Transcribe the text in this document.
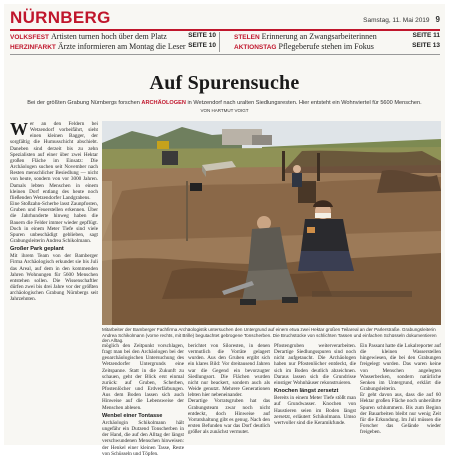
NÜRNBERG	Samstag, 11. Mai 2019 9
VOLKSFEST Artisten turnen hoch über dem Platz	SEITE 10	STELEN Erinnerung an Zwangsarbeiterinnen	SEITE 11
HERZINFARKT Ärzte informieren am Montag die Leser SEITE 10	AKTIONSTAG Pflegeberufe stehen im Fokus	SEITE 13
Auf Spurensuche
Bei der größten Grabung Nürnbergs forschen ARCHÄOLOGEN in Wetzendorf nach uralten Siedlungsresten. Hier entsteht ein Wohnviertel für 5600 Menschen. VON HARTMUT VOIGT
Wer an den Feldern bei Wetzendorf vorbeifährt, sieht einen kleinen Bagger, der sorgfältig die Humusschicht abschiebt. Daneben sind derzeit bis zu zehn Spezialisten auf einer über zwei Hektar großen Fläche im Einsatz: Die Archäologen suchen seit November nach Resten menschlicher Besiedlung — nicht von heute, sondern von vor 3000 Jahren. Damals lebten Menschen in einem kleinen Dorf entlang des heute noch fließenden Wetzendorfer Landgrabens.
Eine Stoßzahn-Scherbe lasst Zaunpfosten, Gruben und Feuerstellen erkennen. Über die Jahrhunderte hinweg haben die Bauern die Felder immer wieder gepflügt. Doch in einem Meter Tiefe sind viele Spuren unbeschädigt geblieben, sagt Grabungsleiterin Andrea Schikolmann.
Großer Park geplant
Mit ihrem Team von der Bamberger Firma Archäologisch erkundet sie bis Juli das Areal, auf dem in den kommenden Jahren Wohnungen für 5600 Menschen entstehen sollen. Die Wissenschaftler dürfen zwei bis drei Jahre vor der größten archäologischen Grabung Nürnbergs seit Jahrzehnten.
Mitarbeiter der Bamberger Fachfirma Archäologistik untersuchen den Untergrund auf einem etwa zwei Hektar großen Teilareal an der Parlerstraße. Grabungsleiterin Andrea Schikolmann (vorne rechts, mit Brille) begutachtet gebrogene Tonscherben. Die Bruchstücke von schlichten Tassen und einfachen Schüsseln dokumentieren den Alltag.
möglich den Zeitpunkt vorschlagen, fragt man bei den Archäologen bei der geoarchäologischen Untersuchung des Wetzendorfer Untergrunds eine Zeitspanne. Statt in die Zukunft zu schauen, geht der Blick erst einmal zurück: auf Gruben, Scherben, Pfostenlöcher und Erdverfärbungen. Aus dem Boden lassen sich auch Hinweise auf die Lebensweise der Menschen ablesen.
Wenbel einer Tontasse
Archäologin Schikolmann hält ungefähr ein Dutzend Tonscherben in der Hand, die auf den Alltag der längst verschwundenen Menschen hinweisen: der Henkel einer kleinen Tasse, Reste von Schüsseln und Töpfen.
berichtet von Siloresten, in denen vermutlich die Vorräte gelagert wurden. Aus den Gruben ergibt sich ein klares Bild: Vor dreitausend Jahren war die Gegend ein bevorzugter Siedlungsort. Die Flächen wurden nicht nur beackert, sondern auch als Weide genutzt. Mehrere Generationen lebten hier nebeneinander.
Derartige Vorratsgruben hat das Grabungsteam zwar noch nicht entdeckt, doch Hinweise auf Vorratshaltung gibt es genug. Nach den ersten Befunden war das Dorf deutlich größer als zunächst vermutet.
Pfostengruben weiterverarbeiten. Derartige Siedlungsspuren sind noch nicht aufgetaucht. Die Archäologen haben nur Pfostenlöcher entdeckt, die sich im Boden deutlich abzeichnen. Daraus lassen sich die Grundrisse einstiger Wohnhäuser rekonstruieren.
Knochen längst zersetzt
Bereits in einem Meter Tiefe stößt man auf Grundwasser. Knochen von Haustieren seien im Boden längst zersetzt, erläutert Schikolmann. Umso wertvoller sind die Keramikfunde.
Ein Passant hatte die Lokalreporter auf die kleinen Wasserstellen hingewiesen, die bei den Grabungen freigelegt wurden. Das waren keine von Menschen angelegten Wasserbecken, sondern natürliche Senken im Untergrund, erklärt die Grabungsleiterin.
Er geht davon aus, dass die auf 60 Hektar großen Fläche noch unberührte Spuren schlummern. Bis zum Beginn der Bauarbeiten bleibt nur wenig Zeit für die Erkundung. Im Juli müssen die Forscher das Gelände wieder freigeben.
